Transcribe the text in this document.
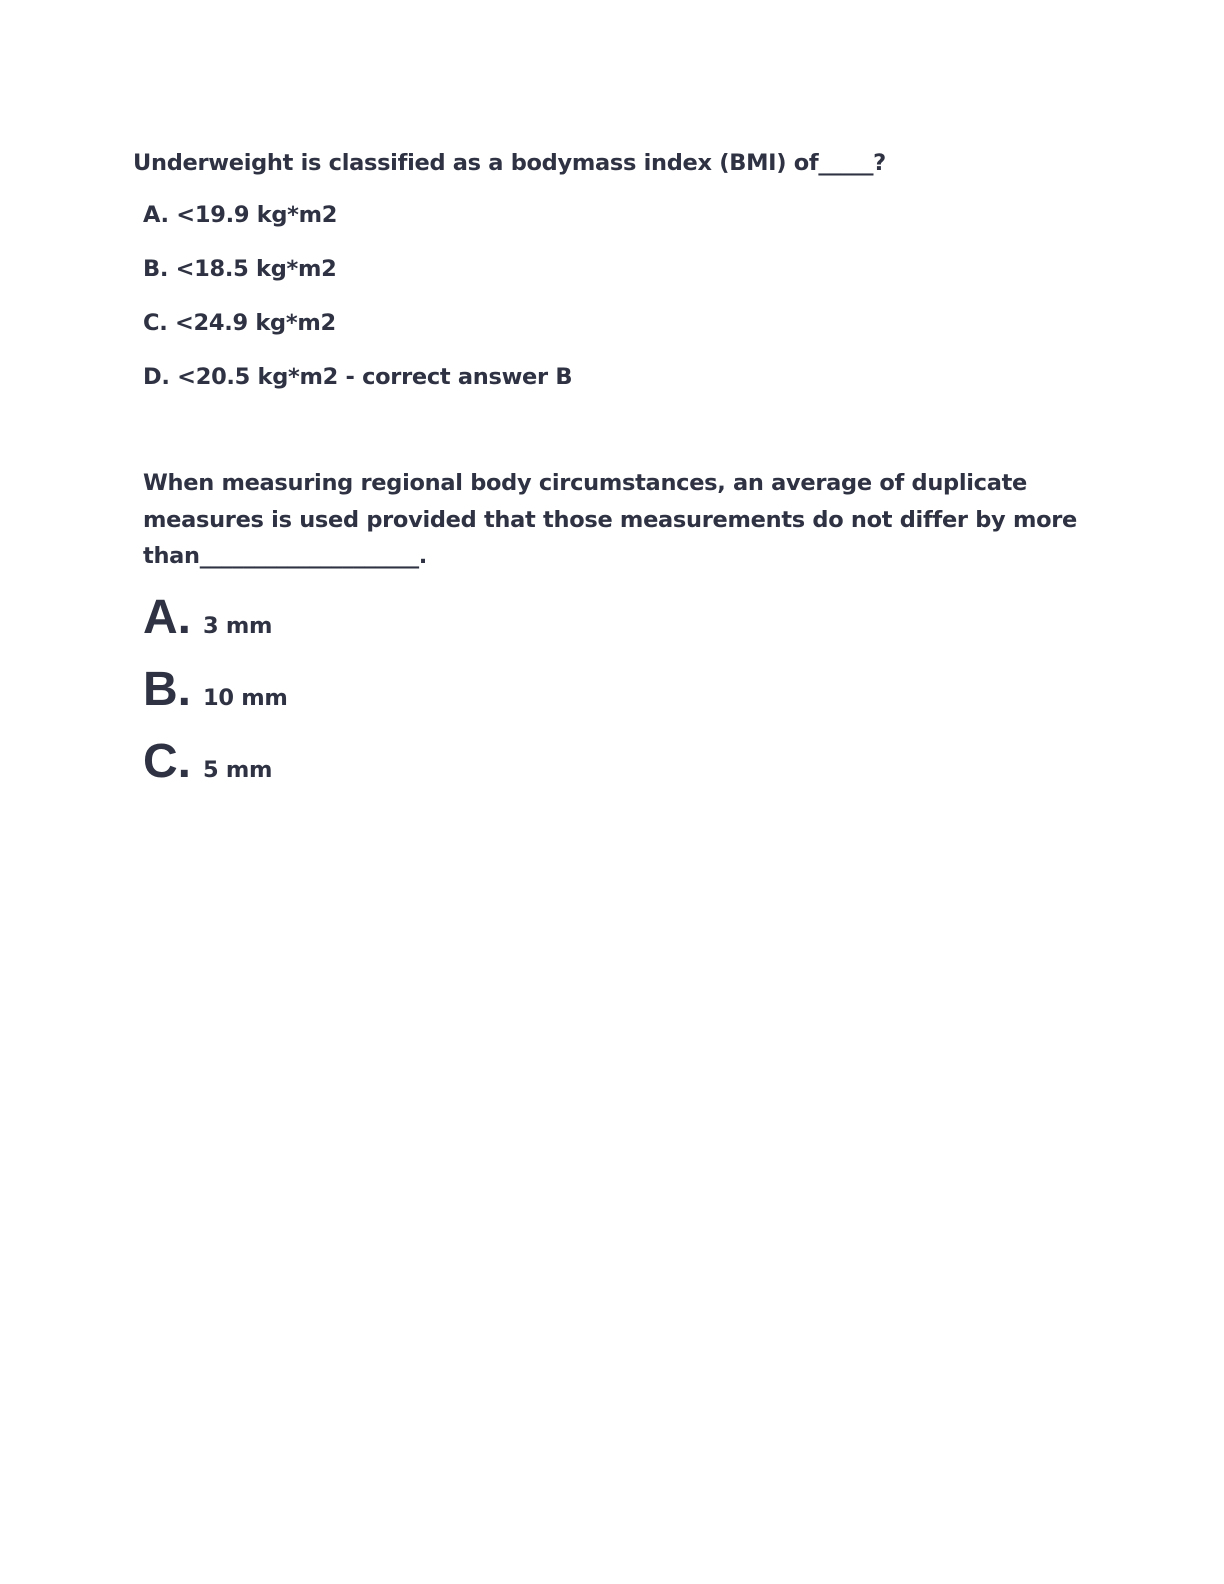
Underweight is classified as a bodymass index (BMI) of_____?
A. <19.9 kg*m2
B. <18.5 kg*m2
C. <24.9 kg*m2
D. <20.5 kg*m2 - correct answer B
When measuring regional body circumstances, an average of duplicate
measures is used provided that those measurements do not differ by more
than____________________.
A. 3 mm
B. 10 mm
C. 5 mm
